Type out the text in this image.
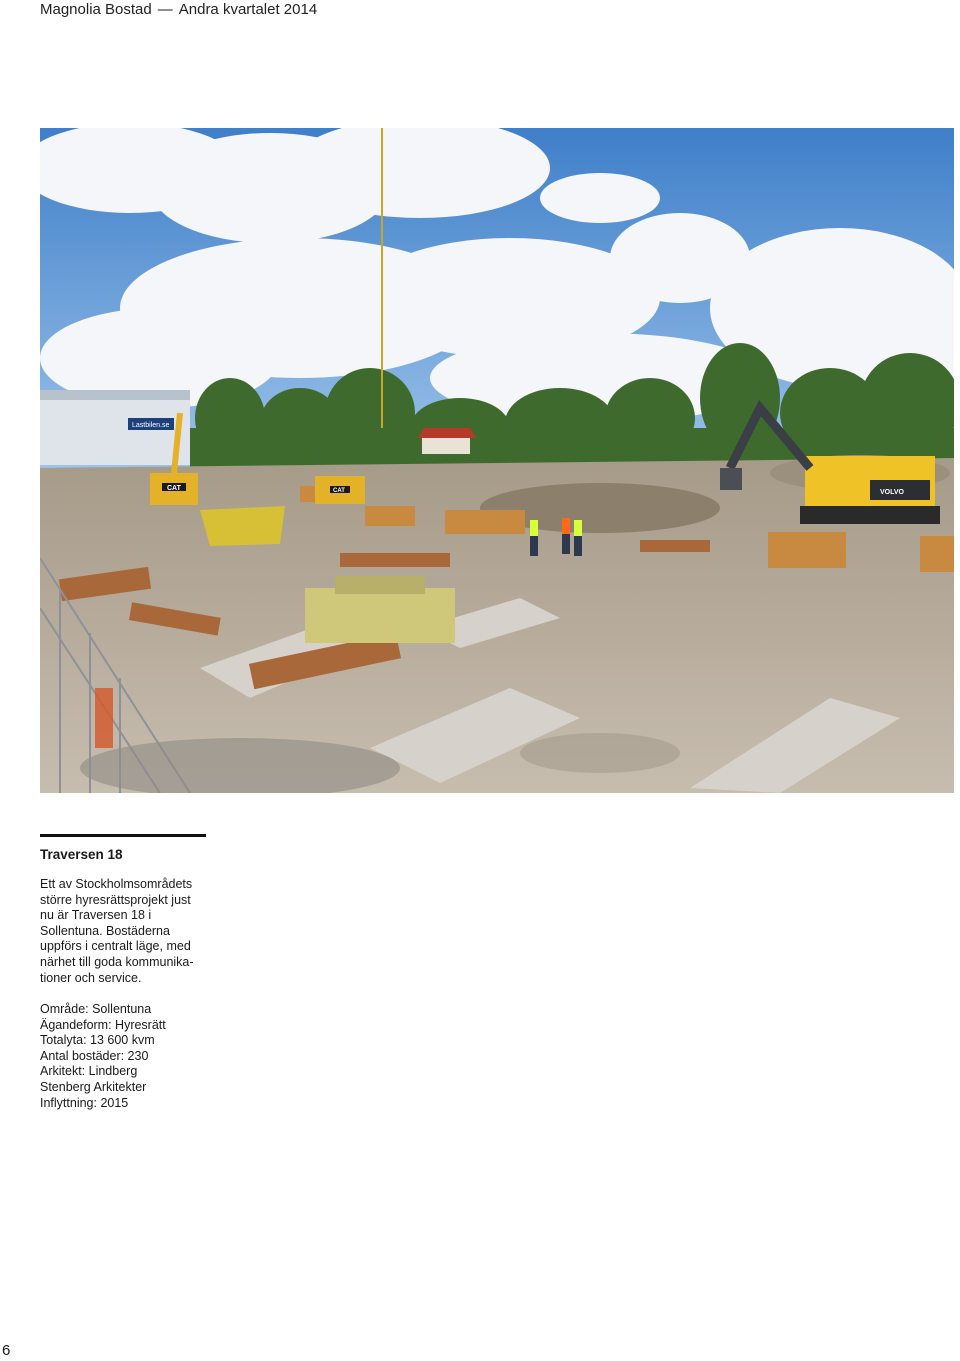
Magnolia Bostad — Andra kvartalet 2014
CAT	CAT	VOLVO
Lastbilen.se
Traversen 18
Ett av Stockholmsområdets
större hyresrättsprojekt just
nu är Traversen 18 i
Sollentuna. Bostäderna
uppförs i centralt läge, med
närhet till goda kommunika-
tioner och service.
Område: Sollentuna
Ägandeform: Hyresrätt
Totalyta: 13 600 kvm
Antal bostäder: 230
Arkitekt: Lindberg
Stenberg Arkitekter
Inflyttning: 2015
6
